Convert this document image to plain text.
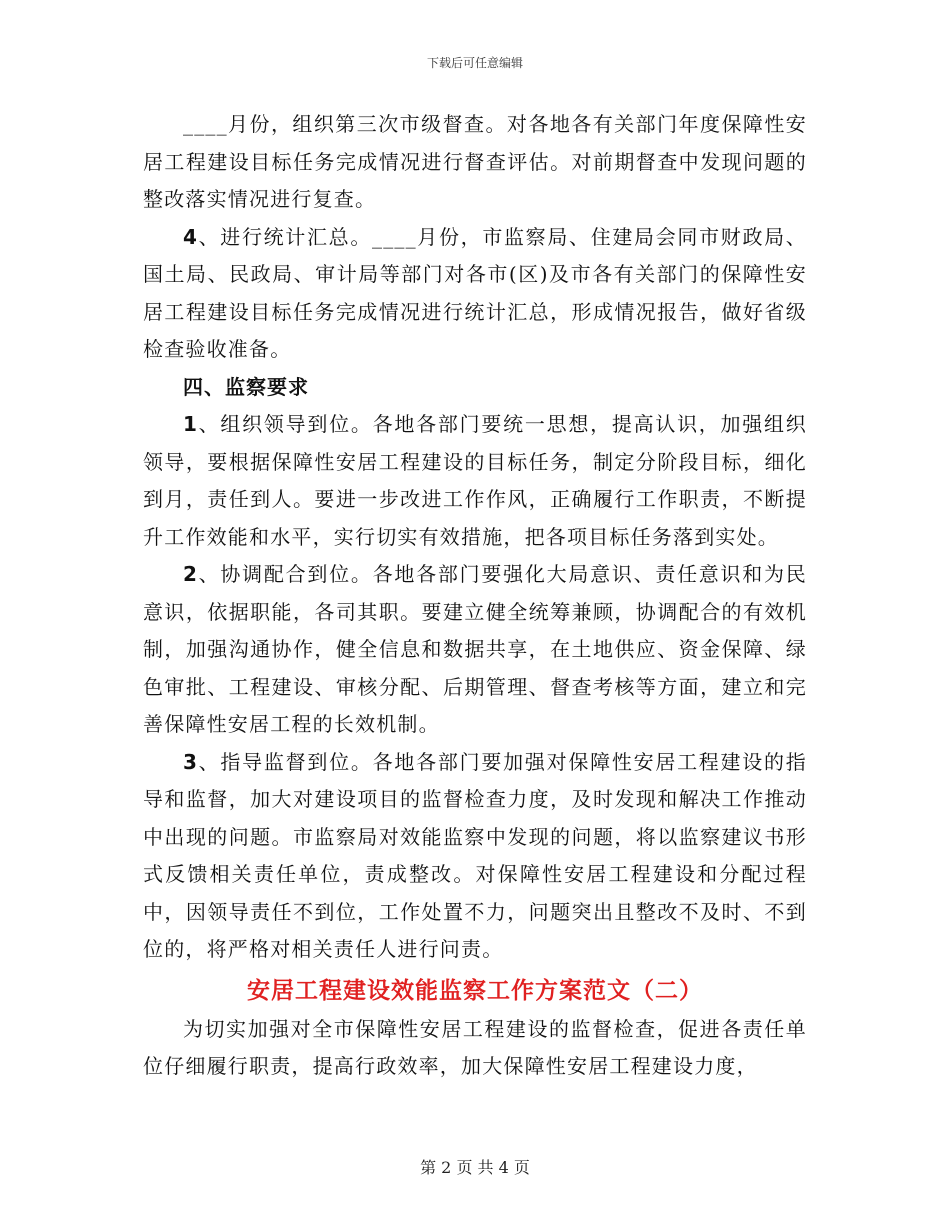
下载后可任意编辑

____月份，组织第三次市级督查。对各地各有关部门年度保障性安居工程建设目标任务完成情况进行督查评估。对前期督查中发现问题的整改落实情况进行复查。

4、进行统计汇总。____月份，市监察局、住建局会同市财政局、国土局、民政局、审计局等部门对各市(区)及市各有关部门的保障性安居工程建设目标任务完成情况进行统计汇总，形成情况报告，做好省级检查验收准备。

四、监察要求

1、组织领导到位。各地各部门要统一思想，提高认识，加强组织领导，要根据保障性安居工程建设的目标任务，制定分阶段目标，细化到月，责任到人。要进一步改进工作作风，正确履行工作职责，不断提升工作效能和水平，实行切实有效措施，把各项目标任务落到实处。

2、协调配合到位。各地各部门要强化大局意识、责任意识和为民意识，依据职能，各司其职。要建立健全统筹兼顾，协调配合的有效机制，加强沟通协作，健全信息和数据共享，在土地供应、资金保障、绿色审批、工程建设、审核分配、后期管理、督查考核等方面，建立和完善保障性安居工程的长效机制。

3、指导监督到位。各地各部门要加强对保障性安居工程建设的指导和监督，加大对建设项目的监督检查力度，及时发现和解决工作推动中出现的问题。市监察局对效能监察中发现的问题，将以监察建议书形式反馈相关责任单位，责成整改。对保障性安居工程建设和分配过程中，因领导责任不到位，工作处置不力，问题突出且整改不及时、不到位的，将严格对相关责任人进行问责。

安居工程建设效能监察工作方案范文（二）

为切实加强对全市保障性安居工程建设的监督检查，促进各责任单位仔细履行职责，提高行政效率，加大保障性安居工程建设力度，

第 2 页 共 4 页
